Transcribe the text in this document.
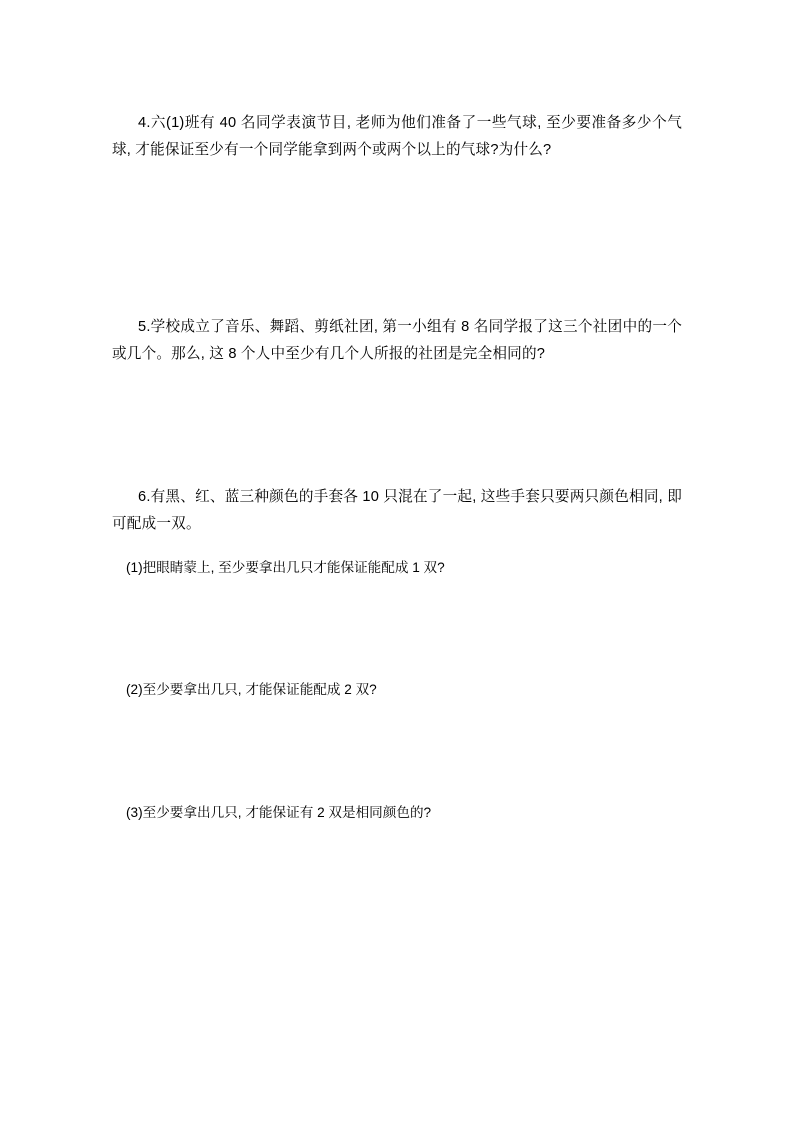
4.六(1)班有 40 名同学表演节目, 老师为他们准备了一些气球, 至少要准备多少个气球, 才能保证至少有一个同学能拿到两个或两个以上的气球?为什么?

5.学校成立了音乐、舞蹈、剪纸社团, 第一小组有 8 名同学报了这三个社团中的一个或几个。那么, 这 8 个人中至少有几个人所报的社团是完全相同的?

6.有黑、红、蓝三种颜色的手套各 10 只混在了一起, 这些手套只要两只颜色相同, 即可配成一双。

(1)把眼睛蒙上, 至少要拿出几只才能保证能配成 1 双?

(2)至少要拿出几只, 才能保证能配成 2 双?

(3)至少要拿出几只, 才能保证有 2 双是相同颜色的?
